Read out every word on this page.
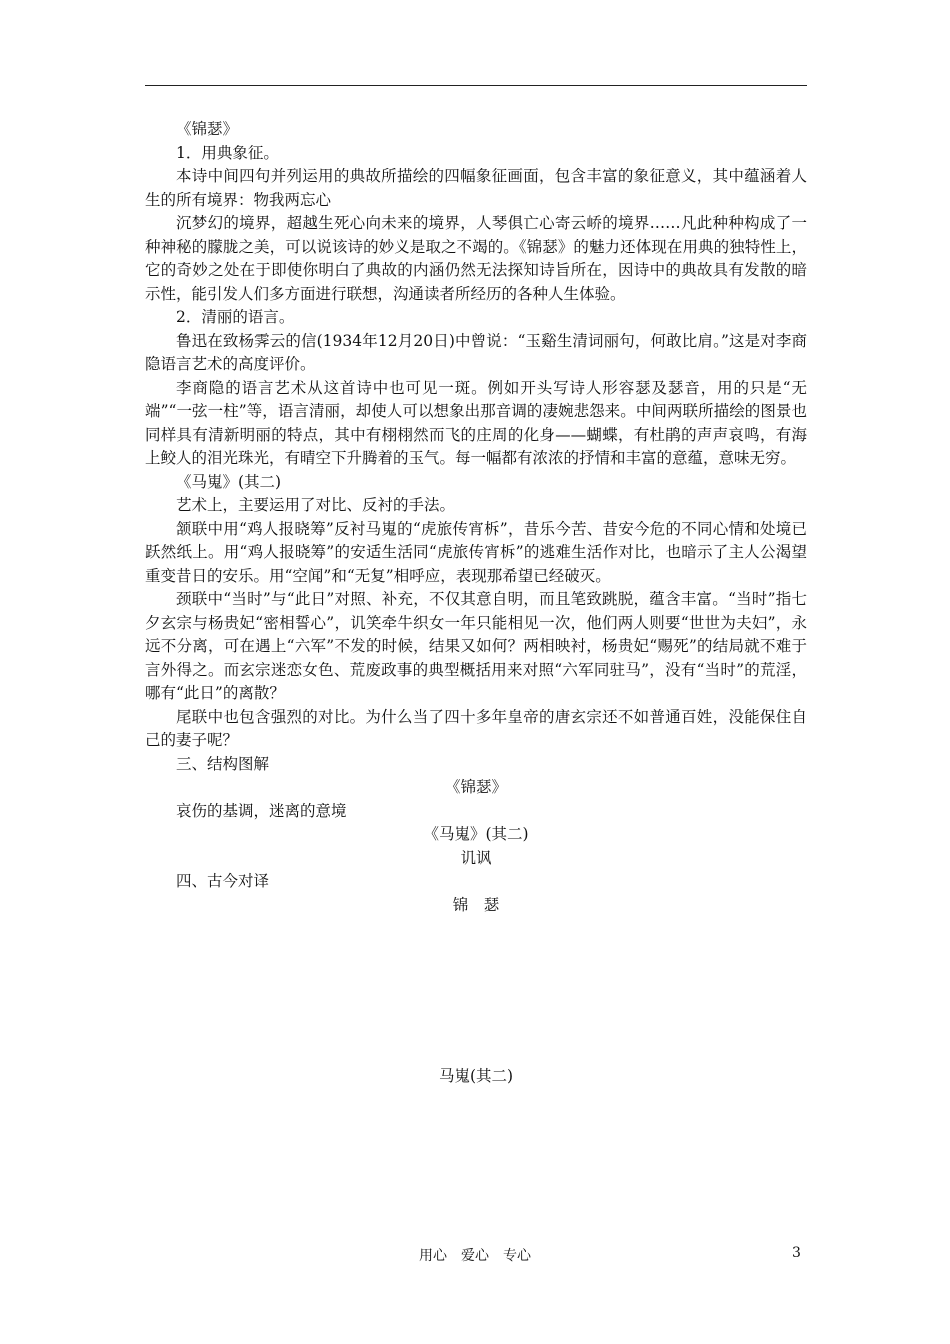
《锦瑟》

1．用典象征。

本诗中间四句并列运用的典故所描绘的四幅象征画面，包含丰富的象征意义，其中蕴涵着人生的所有境界：物我两忘心

沉梦幻的境界，超越生死心向未来的境界，人琴俱亡心寄云峤的境界……凡此种种构成了一种神秘的朦胧之美，可以说该诗的妙义是取之不竭的。《锦瑟》的魅力还体现在用典的独特性上，它的奇妙之处在于即使你明白了典故的内涵仍然无法探知诗旨所在，因诗中的典故具有发散的暗示性，能引发人们多方面进行联想，沟通读者所经历的各种人生体验。

2．清丽的语言。

鲁迅在致杨霁云的信(1934年12月20日)中曾说：“玉谿生清词丽句，何敢比肩。”这是对李商隐语言艺术的高度评价。

李商隐的语言艺术从这首诗中也可见一斑。例如开头写诗人形容瑟及瑟音，用的只是“无端”“一弦一柱”等，语言清丽，却使人可以想象出那音调的凄婉悲怨来。中间两联所描绘的图景也同样具有清新明丽的特点，其中有栩栩然而飞的庄周的化身——蝴蝶，有杜鹃的声声哀鸣，有海上鲛人的泪光珠光，有晴空下升腾着的玉气。每一幅都有浓浓的抒情和丰富的意蕴，意味无穷。

《马嵬》(其二)

艺术上，主要运用了对比、反衬的手法。

颔联中用“鸡人报晓筹”反衬马嵬的“虎旅传宵柝”，昔乐今苦、昔安今危的不同心情和处境已跃然纸上。用“鸡人报晓筹”的安适生活同“虎旅传宵柝”的逃难生活作对比，也暗示了主人公渴望重变昔日的安乐。用“空闻”和“无复”相呼应，表现那希望已经破灭。

颈联中“当时”与“此日”对照、补充，不仅其意自明，而且笔致跳脱，蕴含丰富。“当时”指七夕玄宗与杨贵妃“密相誓心”，讥笑牵牛织女一年只能相见一次，他们两人则要“世世为夫妇”，永远不分离，可在遇上“六军”不发的时候，结果又如何？两相映衬，杨贵妃“赐死”的结局就不难于言外得之。而玄宗迷恋女色、荒废政事的典型概括用来对照“六军同驻马”，没有“当时”的荒淫，哪有“此日”的离散？

尾联中也包含强烈的对比。为什么当了四十多年皇帝的唐玄宗还不如普通百姓，没能保住自己的妻子呢？

三、结构图解

《锦瑟》

哀伤的基调，迷离的意境

《马嵬》(其二)

讥讽

四、古今对译

锦　瑟

马嵬(其二)

用心　爱心　专心	3
